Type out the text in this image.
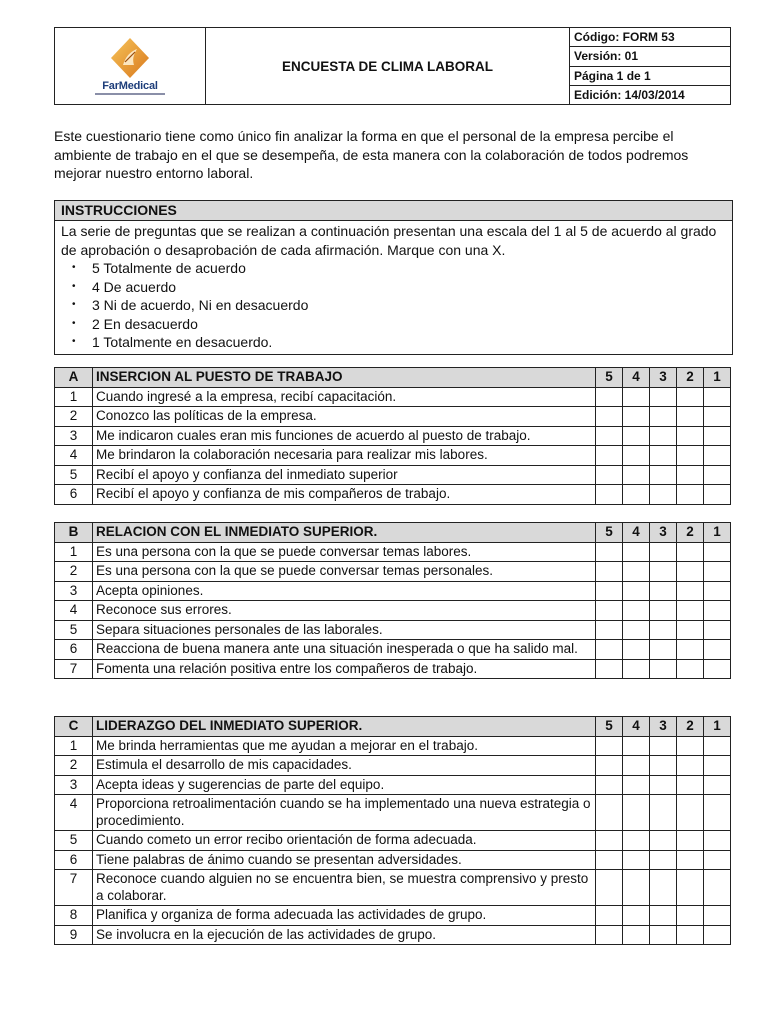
FarMedical
	ENCUESTA DE CLIMA LABORAL	Código: FORM 53
Versión: 01
Página 1 de 1
Edición: 14/03/2014
Este cuestionario tiene como único fin analizar la forma en que el personal de la empresa percibe el ambiente de trabajo en el que se desempeña, de esta manera con la colaboración de todos podremos mejorar nuestro entorno laboral.
INSTRUCCIONES
La serie de preguntas que se realizan a continuación presentan una escala del 1 al 5 de acuerdo al grado de aprobación o desaprobación de cada afirmación. Marque con una X.
• 5 Totalmente de acuerdo
• 4 De acuerdo
• 3 Ni de acuerdo, Ni en desacuerdo
• 2 En desacuerdo
• 1 Totalmente en desacuerdo.
A	INSERCION AL PUESTO DE TRABAJO	5	4	3	2	1
1	Cuando ingresé a la empresa, recibí capacitación.					
2	Conozco las políticas de la empresa.					
3	Me indicaron cuales eran mis funciones de acuerdo al puesto de trabajo.					
4	Me brindaron la colaboración necesaria para realizar mis labores.					
5	Recibí el apoyo y confianza del inmediato superior					
6	Recibí el apoyo y confianza de mis compañeros de trabajo.					
B	RELACION CON EL INMEDIATO SUPERIOR.	5	4	3	2	1
1	Es una persona con la que se puede conversar temas labores.					
2	Es una persona con la que se puede conversar temas personales.					
3	Acepta opiniones.					
4	Reconoce sus errores.					
5	Separa situaciones personales de las laborales.					
6	Reacciona de buena manera ante una situación inesperada o que ha salido mal.					
7	Fomenta una relación positiva entre los compañeros de trabajo.					
C	LIDERAZGO DEL INMEDIATO SUPERIOR.	5	4	3	2	1
1	Me brinda herramientas que me ayudan a mejorar en el trabajo.					
2	Estimula el desarrollo de mis capacidades.					
3	Acepta ideas y sugerencias de parte del equipo.					
4	Proporciona retroalimentación cuando se ha implementado una nueva estrategia o procedimiento.					
5	Cuando cometo un error recibo orientación de forma adecuada.					
6	Tiene palabras de ánimo cuando se presentan adversidades.					
7	Reconoce cuando alguien no se encuentra bien, se muestra comprensivo y presto a colaborar.					
8	Planifica y organiza de forma adecuada las actividades de grupo.					
9	Se involucra en la ejecución de las actividades de grupo.					
